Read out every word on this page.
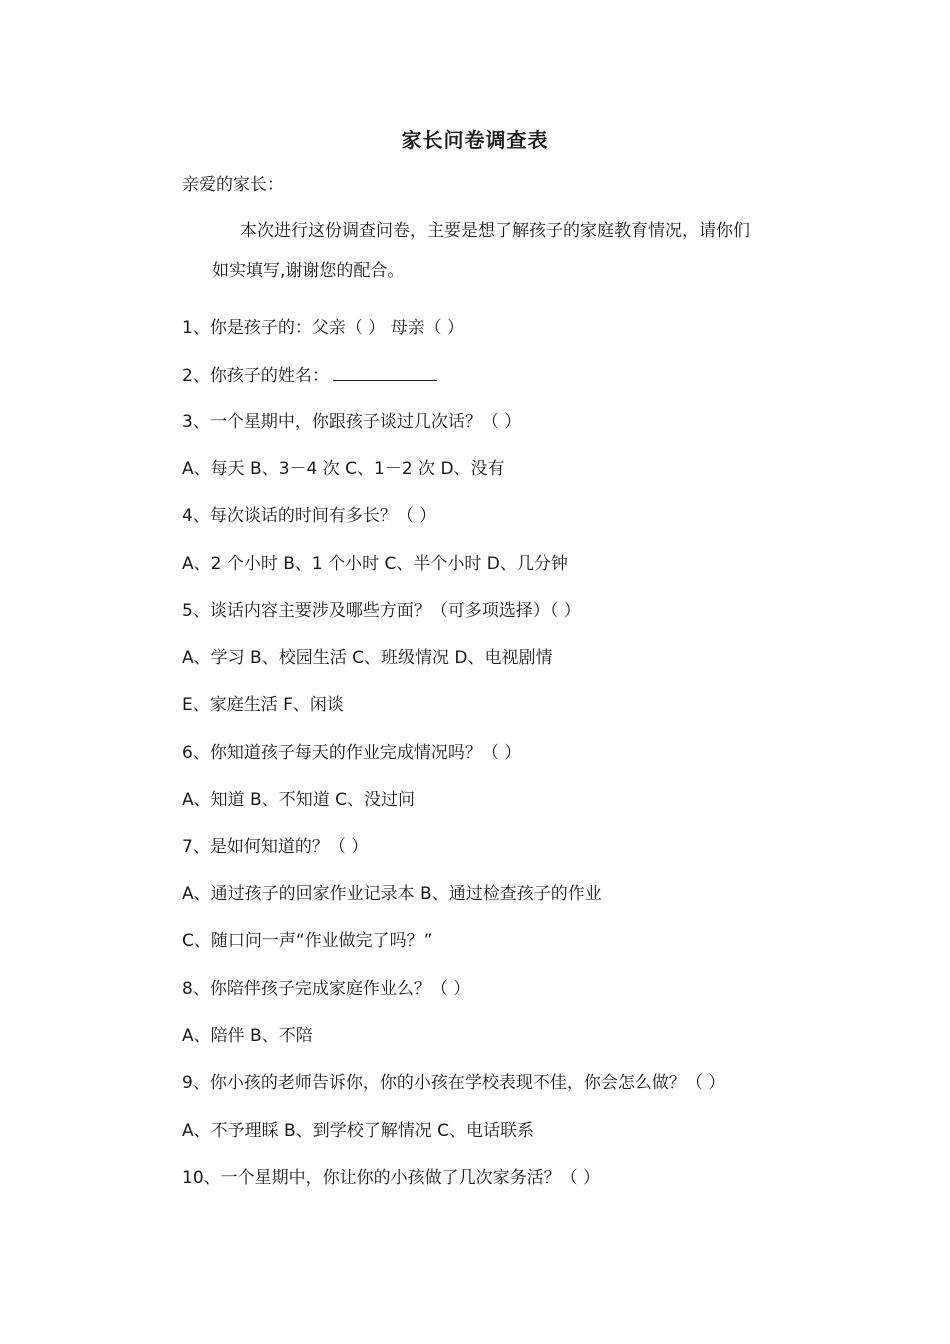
家长问卷调查表
亲爱的家长：
本次进行这份调查问卷，主要是想了解孩子的家庭教育情况，请你们
如实填写,谢谢您的配合。
1、你是孩子的：父亲（ ） 母亲（ ）
2、你孩子的姓名：
3、一个星期中，你跟孩子谈过几次话？（ ）
A、每天 B、3－4 次 C、1－2 次 D、没有
4、每次谈话的时间有多长？（ ）
A、2 个小时 B、1 个小时 C、半个小时 D、几分钟
5、谈话内容主要涉及哪些方面？（可多项选择）（ ）
A、学习 B、校园生活 C、班级情况 D、电视剧情
E、家庭生活 F、闲谈
6、你知道孩子每天的作业完成情况吗？（ ）
A、知道 B、不知道 C、没过问
7、是如何知道的？（ ）
A、通过孩子的回家作业记录本 B、通过检查孩子的作业
C、随口问一声“作业做完了吗？”
8、你陪伴孩子完成家庭作业么？（ ）
A、陪伴 B、不陪
9、你小孩的老师告诉你，你的小孩在学校表现不佳，你会怎么做？（ ）
A、不予理睬 B、到学校了解情况 C、电话联系
10、一个星期中，你让你的小孩做了几次家务活？（ ）
